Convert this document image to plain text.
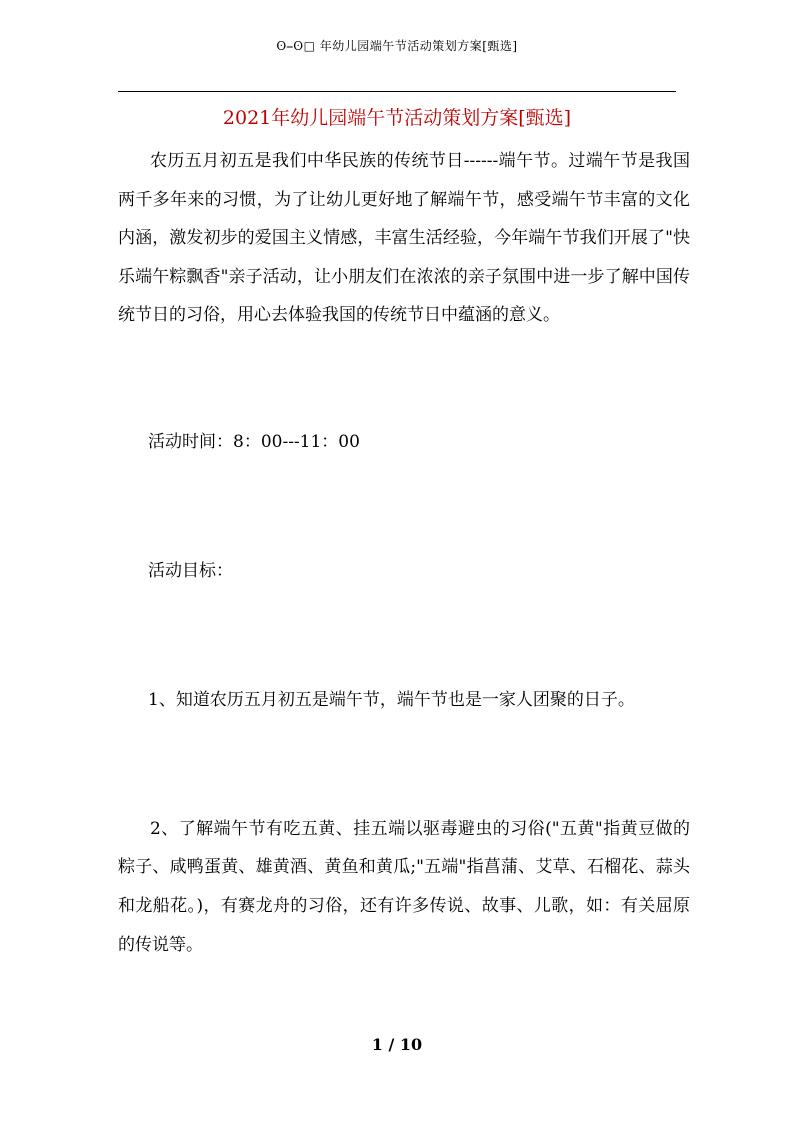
ʘ⎯ʘ□ 年幼儿园端午节活动策划方案[甄选]
2021年幼儿园端午节活动策划方案[甄选]

农历五月初五是我们中华民族的传统节日------端午节。过端午节是我国两千多年来的习惯，为了让幼儿更好地了解端午节，感受端午节丰富的文化内涵，激发初步的爱国主义情感，丰富生活经验，今年端午节我们开展了"快乐端午粽飘香"亲子活动，让小朋友们在浓浓的亲子氛围中进一步了解中国传统节日的习俗，用心去体验我国的传统节日中蕴涵的意义。

活动时间：8：00---11：00

活动目标：

1、知道农历五月初五是端午节，端午节也是一家人团聚的日子。

2、了解端午节有吃五黄、挂五端以驱毒避虫的习俗("五黄"指黄豆做的粽子、咸鸭蛋黄、雄黄酒、黄鱼和黄瓜;"五端"指菖蒲、艾草、石榴花、蒜头和龙船花。)，有赛龙舟的习俗，还有许多传说、故事、儿歌，如：有关屈原的传说等。

1 / 10
